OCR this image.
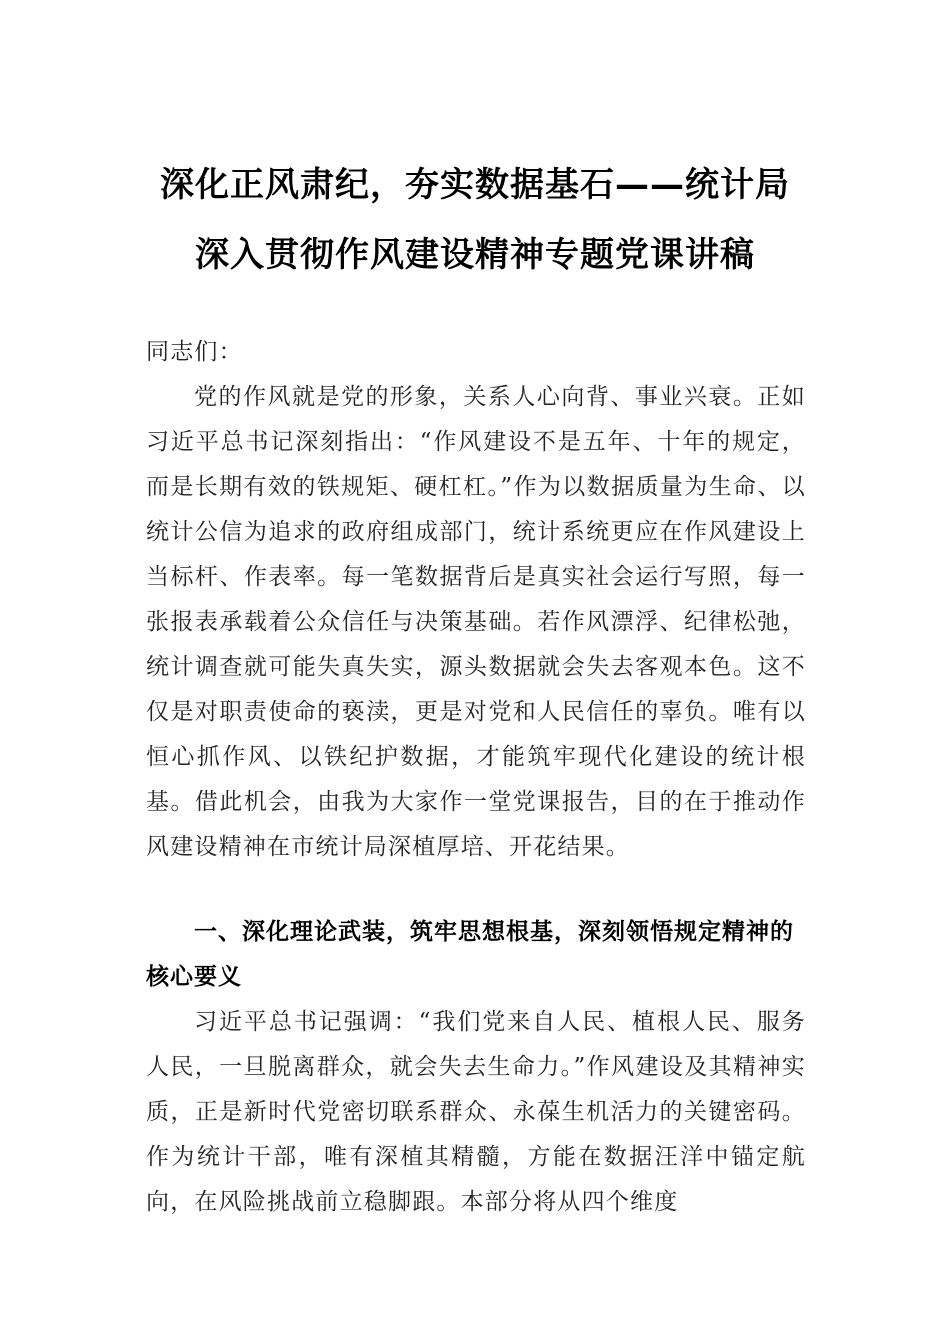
深化正风肃纪，夯实数据基石——统计局
深入贯彻作风建设精神专题党课讲稿
同志们：
党的作风就是党的形象，关系人心向背、事业兴衰。正如习近平总书记深刻指出：“作风建设不是五年、十年的规定，而是长期有效的铁规矩、硬杠杠。”作为以数据质量为生命、以统计公信为追求的政府组成部门，统计系统更应在作风建设上当标杆、作表率。每一笔数据背后是真实社会运行写照，每一张报表承载着公众信任与决策基础。若作风漂浮、纪律松弛，统计调查就可能失真失实，源头数据就会失去客观本色。这不仅是对职责使命的亵渎，更是对党和人民信任的辜负。唯有以恒心抓作风、以铁纪护数据，才能筑牢现代化建设的统计根基。借此机会，由我为大家作一堂党课报告，目的在于推动作风建设精神在市统计局深植厚培、开花结果。
一、深化理论武装，筑牢思想根基，深刻领悟规定精神的核心要义
习近平总书记强调：“我们党来自人民、植根人民、服务人民，一旦脱离群众，就会失去生命力。”作风建设及其精神实质，正是新时代党密切联系群众、永葆生机活力的关键密码。作为统计干部，唯有深植其精髓，方能在数据汪洋中锚定航向，在风险挑战前立稳脚跟。本部分将从四个维度
